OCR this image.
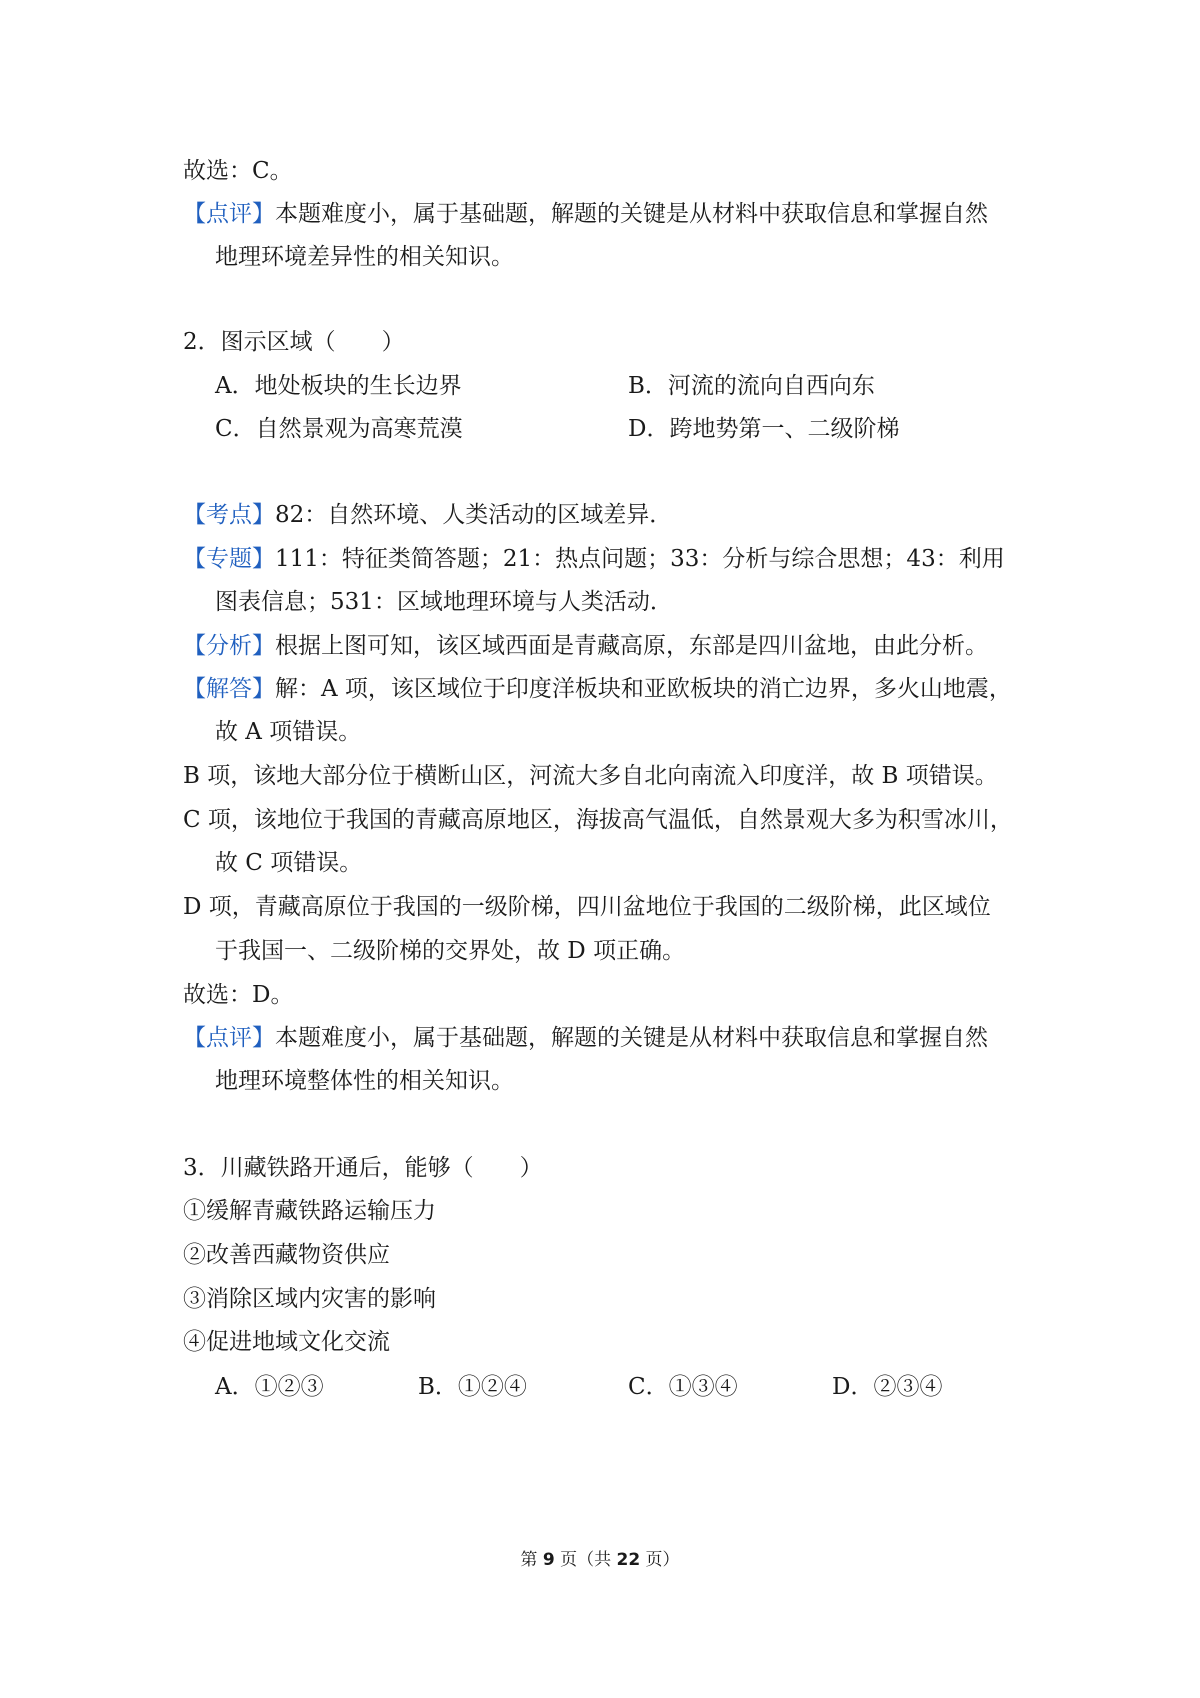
故选：C。
【点评】本题难度小，属于基础题，解题的关键是从材料中获取信息和掌握自然
地理环境差异性的相关知识。
2．图示区域（　　）
A．地处板块的生长边界	B．河流的流向自西向东
C．自然景观为高寒荒漠	D．跨地势第一、二级阶梯
【考点】82：自然环境、人类活动的区域差异．
【专题】111：特征类简答题；21：热点问题；33：分析与综合思想；43：利用
图表信息；531：区域地理环境与人类活动．
【分析】根据上图可知，该区域西面是青藏高原，东部是四川盆地，由此分析。
【解答】解：A 项，该区域位于印度洋板块和亚欧板块的消亡边界，多火山地震，
故 A 项错误。
B 项，该地大部分位于横断山区，河流大多自北向南流入印度洋，故 B 项错误。
C 项，该地位于我国的青藏高原地区，海拔高气温低，自然景观大多为积雪冰川，
故 C 项错误。
D 项，青藏高原位于我国的一级阶梯，四川盆地位于我国的二级阶梯，此区域位
于我国一、二级阶梯的交界处，故 D 项正确。
故选：D。
【点评】本题难度小，属于基础题，解题的关键是从材料中获取信息和掌握自然
地理环境整体性的相关知识。
3．川藏铁路开通后，能够（　　）
①缓解青藏铁路运输压力
②改善西藏物资供应
③消除区域内灾害的影响
④促进地域文化交流
A．①②③	B．①②④	C．①③④	D．②③④
第 9 页（共 22 页）
